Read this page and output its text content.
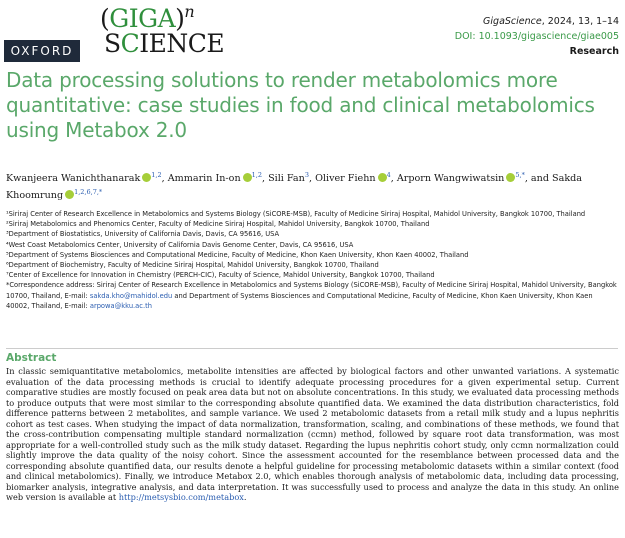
OXFORD
(GIGA)$^n$
SCIENCE
GigaScience, 2024, 13, 1–14
DOI: 10.1093/gigascience/giae005
Research
Data processing solutions to render metabolomics more quantitative: case studies in food and clinical metabolomics using Metabox 2.0
Kwanjeera Wanichthanarak $^{1,2}$, Ammarin In-on $^{1,2}$, Sili Fan$^3$, Oliver Fiehn $^4$, Arporn Wangwiwatsin $^{5,*}$, and Sakda Khoomrung $^{1,2,6,7,*}$
¹Siriraj Center of Research Excellence in Metabolomics and Systems Biology (SiCORE-MSB), Faculty of Medicine Siriraj Hospital, Mahidol University, Bangkok 10700, Thailand
²Siriraj Metabolomics and Phenomics Center, Faculty of Medicine Siriraj Hospital, Mahidol University, Bangkok 10700, Thailand
³Department of Biostatistics, University of California Davis, Davis, CA 95616, USA
⁴West Coast Metabolomics Center, University of California Davis Genome Center, Davis, CA 95616, USA
⁵Department of Systems Biosciences and Computational Medicine, Faculty of Medicine, Khon Kaen University, Khon Kaen 40002, Thailand
⁶Department of Biochemistry, Faculty of Medicine Siriraj Hospital, Mahidol University, Bangkok 10700, Thailand
⁷Center of Excellence for Innovation in Chemistry (PERCH-CIC), Faculty of Science, Mahidol University, Bangkok 10700, Thailand
*Correspondence address: Siriraj Center of Research Excellence in Metabolomics and Systems Biology (SiCORE-MSB), Faculty of Medicine Siriraj Hospital, Mahidol University, Bangkok 10700, Thailand, E-mail: sakda.kho@mahidol.edu and Department of Systems Biosciences and Computational Medicine, Faculty of Medicine, Khon Kaen University, Khon Kaen 40002, Thailand, E-mail: arpowa@kku.ac.th
Abstract

In classic semiquantitative metabolomics, metabolite intensities are affected by biological factors and other unwanted variations. A systematic evaluation of the data processing methods is crucial to identify adequate processing procedures for a given experimental setup. Current comparative studies are mostly focused on peak area data but not on absolute concentrations. In this study, we evaluated data processing methods to produce outputs that were most similar to the corresponding absolute quantified data. We examined the data distribution characteristics, fold difference patterns between 2 metabolites, and sample variance. We used 2 metabolomic datasets from a retail milk study and a lupus nephritis cohort as test cases. When studying the impact of data normalization, transformation, scaling, and combinations of these methods, we found that the cross-contribution compensating multiple standard normalization (ccmn) method, followed by square root data transformation, was most appropriate for a well-controlled study such as the milk study dataset. Regarding the lupus nephritis cohort study, only ccmn normalization could slightly improve the data quality of the noisy cohort. Since the assessment accounted for the resemblance between processed data and the corresponding absolute quantified data, our results denote a helpful guideline for processing metabolomic datasets within a similar context (food and clinical metabolomics). Finally, we introduce Metabox 2.0, which enables thorough analysis of metabolomic data, including data processing, biomarker analysis, integrative analysis, and data interpretation. It was successfully used to process and analyze the data in this study. An online web version is available at http://metsysbio.com/metabox.
